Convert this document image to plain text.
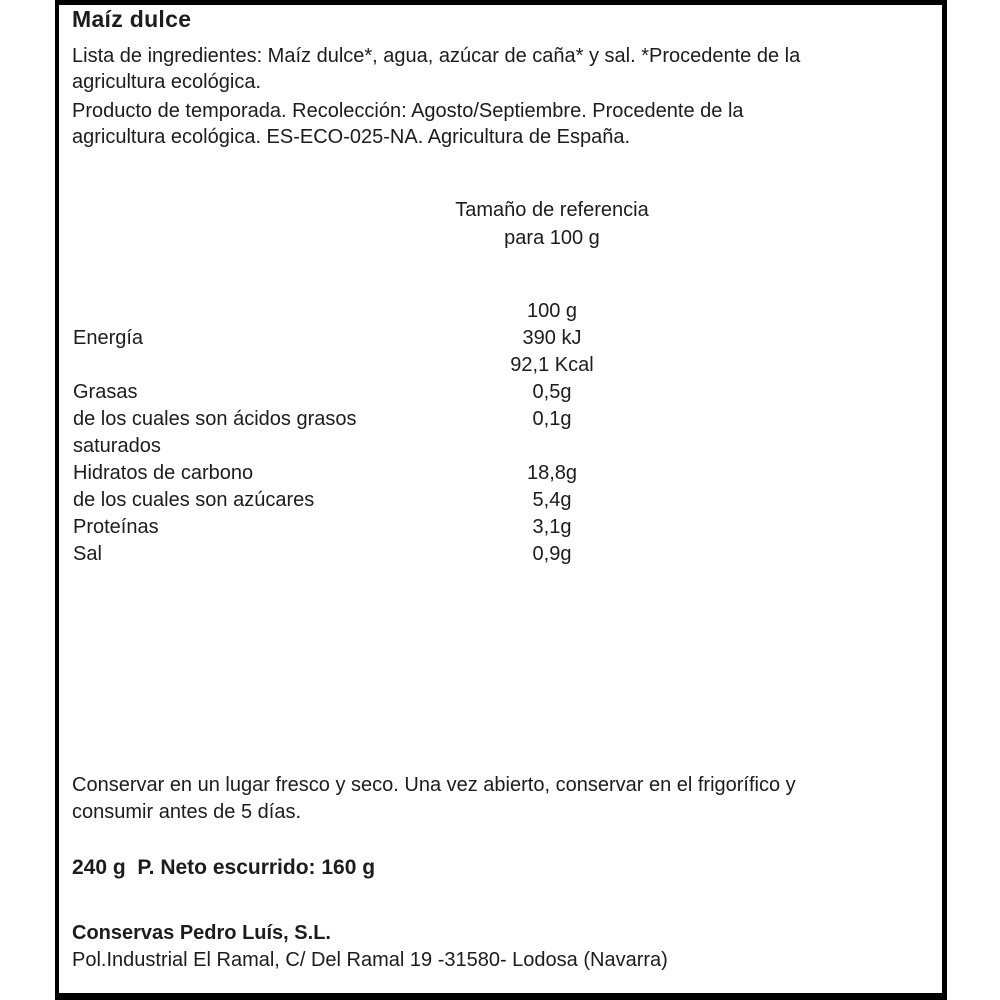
Maíz dulce
Lista de ingredientes: Maíz dulce*, agua, azúcar de caña* y sal. *Procedente de la
agricultura ecológica.
Producto de temporada. Recolección: Agosto/Septiembre. Procedente de la
agricultura ecológica. ES-ECO-025-NA. Agricultura de España.
Tamaño de referencia
para 100 g
100 g
Energía	390 kJ
92,1 Kcal
Grasas	0,5g
de los cuales son ácidos grasos	0,1g
saturados
Hidratos de carbono	18,8g
de los cuales son azúcares	5,4g
Proteínas	3,1g
Sal	0,9g
Conservar en un lugar fresco y seco. Una vez abierto, conservar en el frigorífico y
consumir antes de 5 días.
240 g  P. Neto escurrido: 160 g
Conservas Pedro Luís, S.L.
Pol.Industrial El Ramal, C/ Del Ramal 19 -31580- Lodosa (Navarra)
